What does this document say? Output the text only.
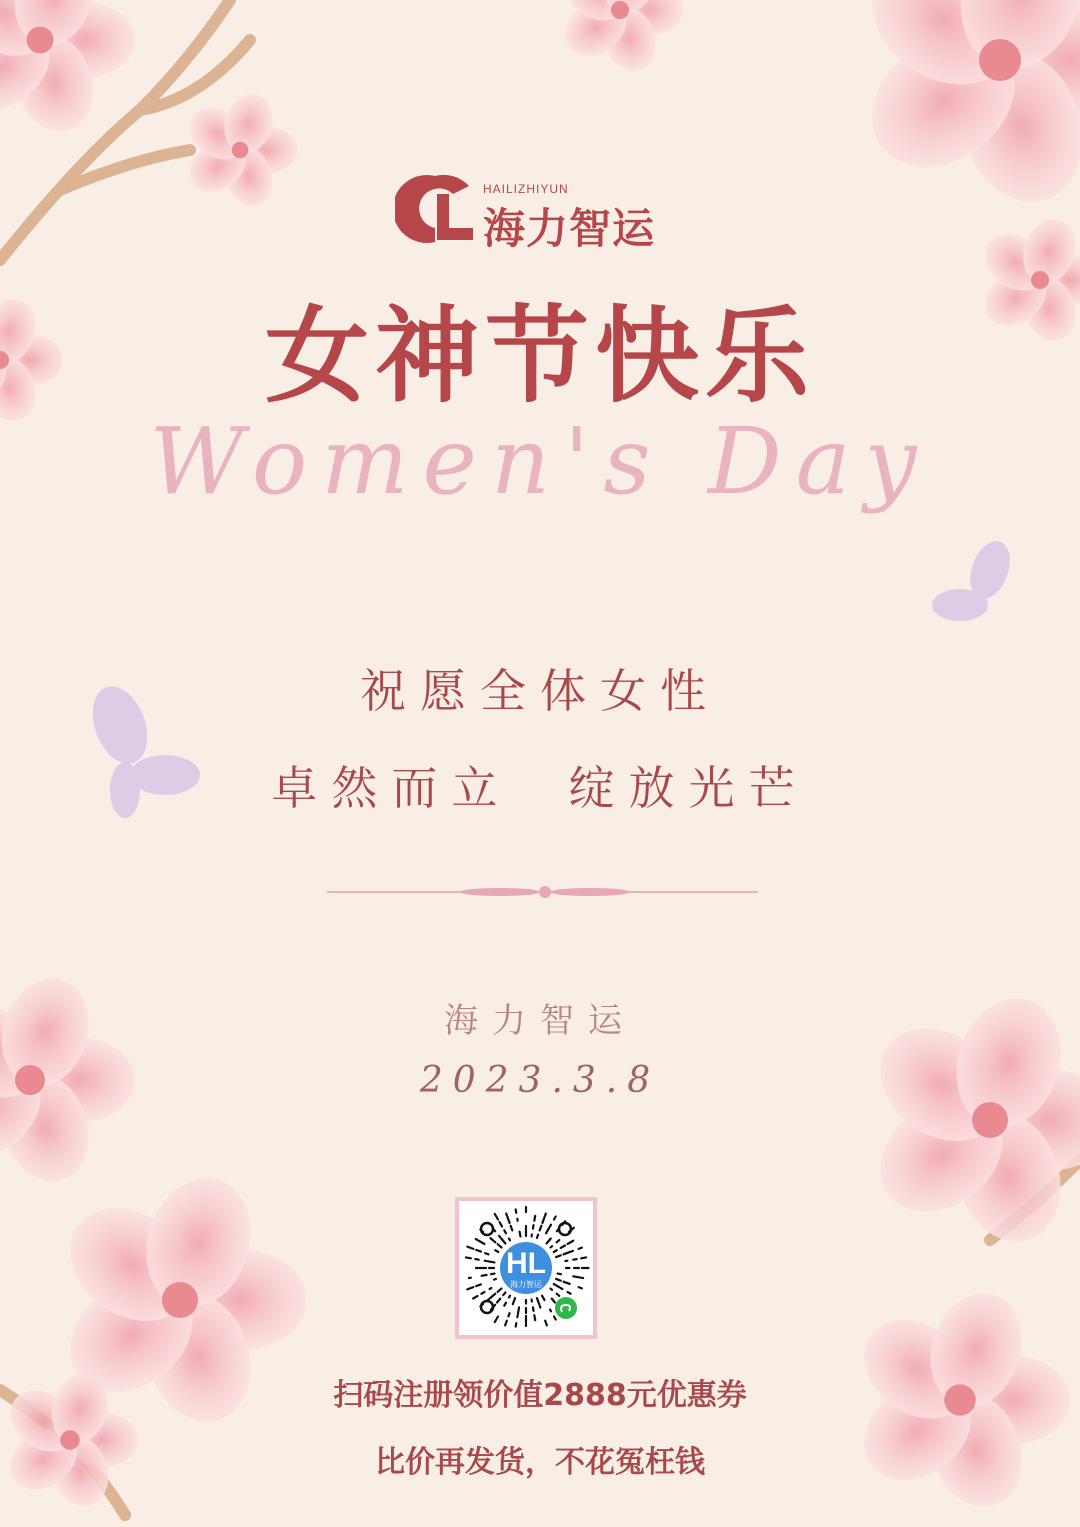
HAILIZHIYUN
海力智运
女神节快乐
Women's Day
祝愿全体女性
卓然而立  绽放光芒
海力智运
2023.3.8
HL
海力智运
扫码注册领价值2888元优惠券
比价再发货，不花冤枉钱
